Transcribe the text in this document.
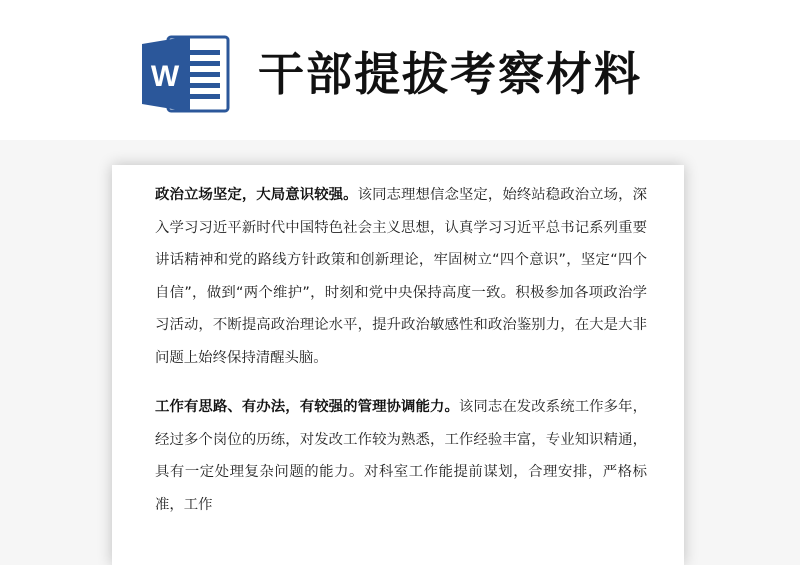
W 干部提拔考察材料

政治立场坚定，大局意识较强。该同志理想信念坚定，始终站稳政治立场，深入学习习近平新时代中国特色社会主义思想，认真学习习近平总书记系列重要讲话精神和党的路线方针政策和创新理论，牢固树立“四个意识”，坚定“四个自信”，做到“两个维护”，时刻和党中央保持高度一致。积极参加各项政治学习活动，不断提高政治理论水平，提升政治敏感性和政治鉴别力，在大是大非问题上始终保持清醒头脑。

工作有思路、有办法，有较强的管理协调能力。该同志在发改系统工作多年，经过多个岗位的历练，对发改工作较为熟悉，工作经验丰富，专业知识精通，具有一定处理复杂问题的能力。对科室工作能提前谋划，合理安排，严格标准，工作
